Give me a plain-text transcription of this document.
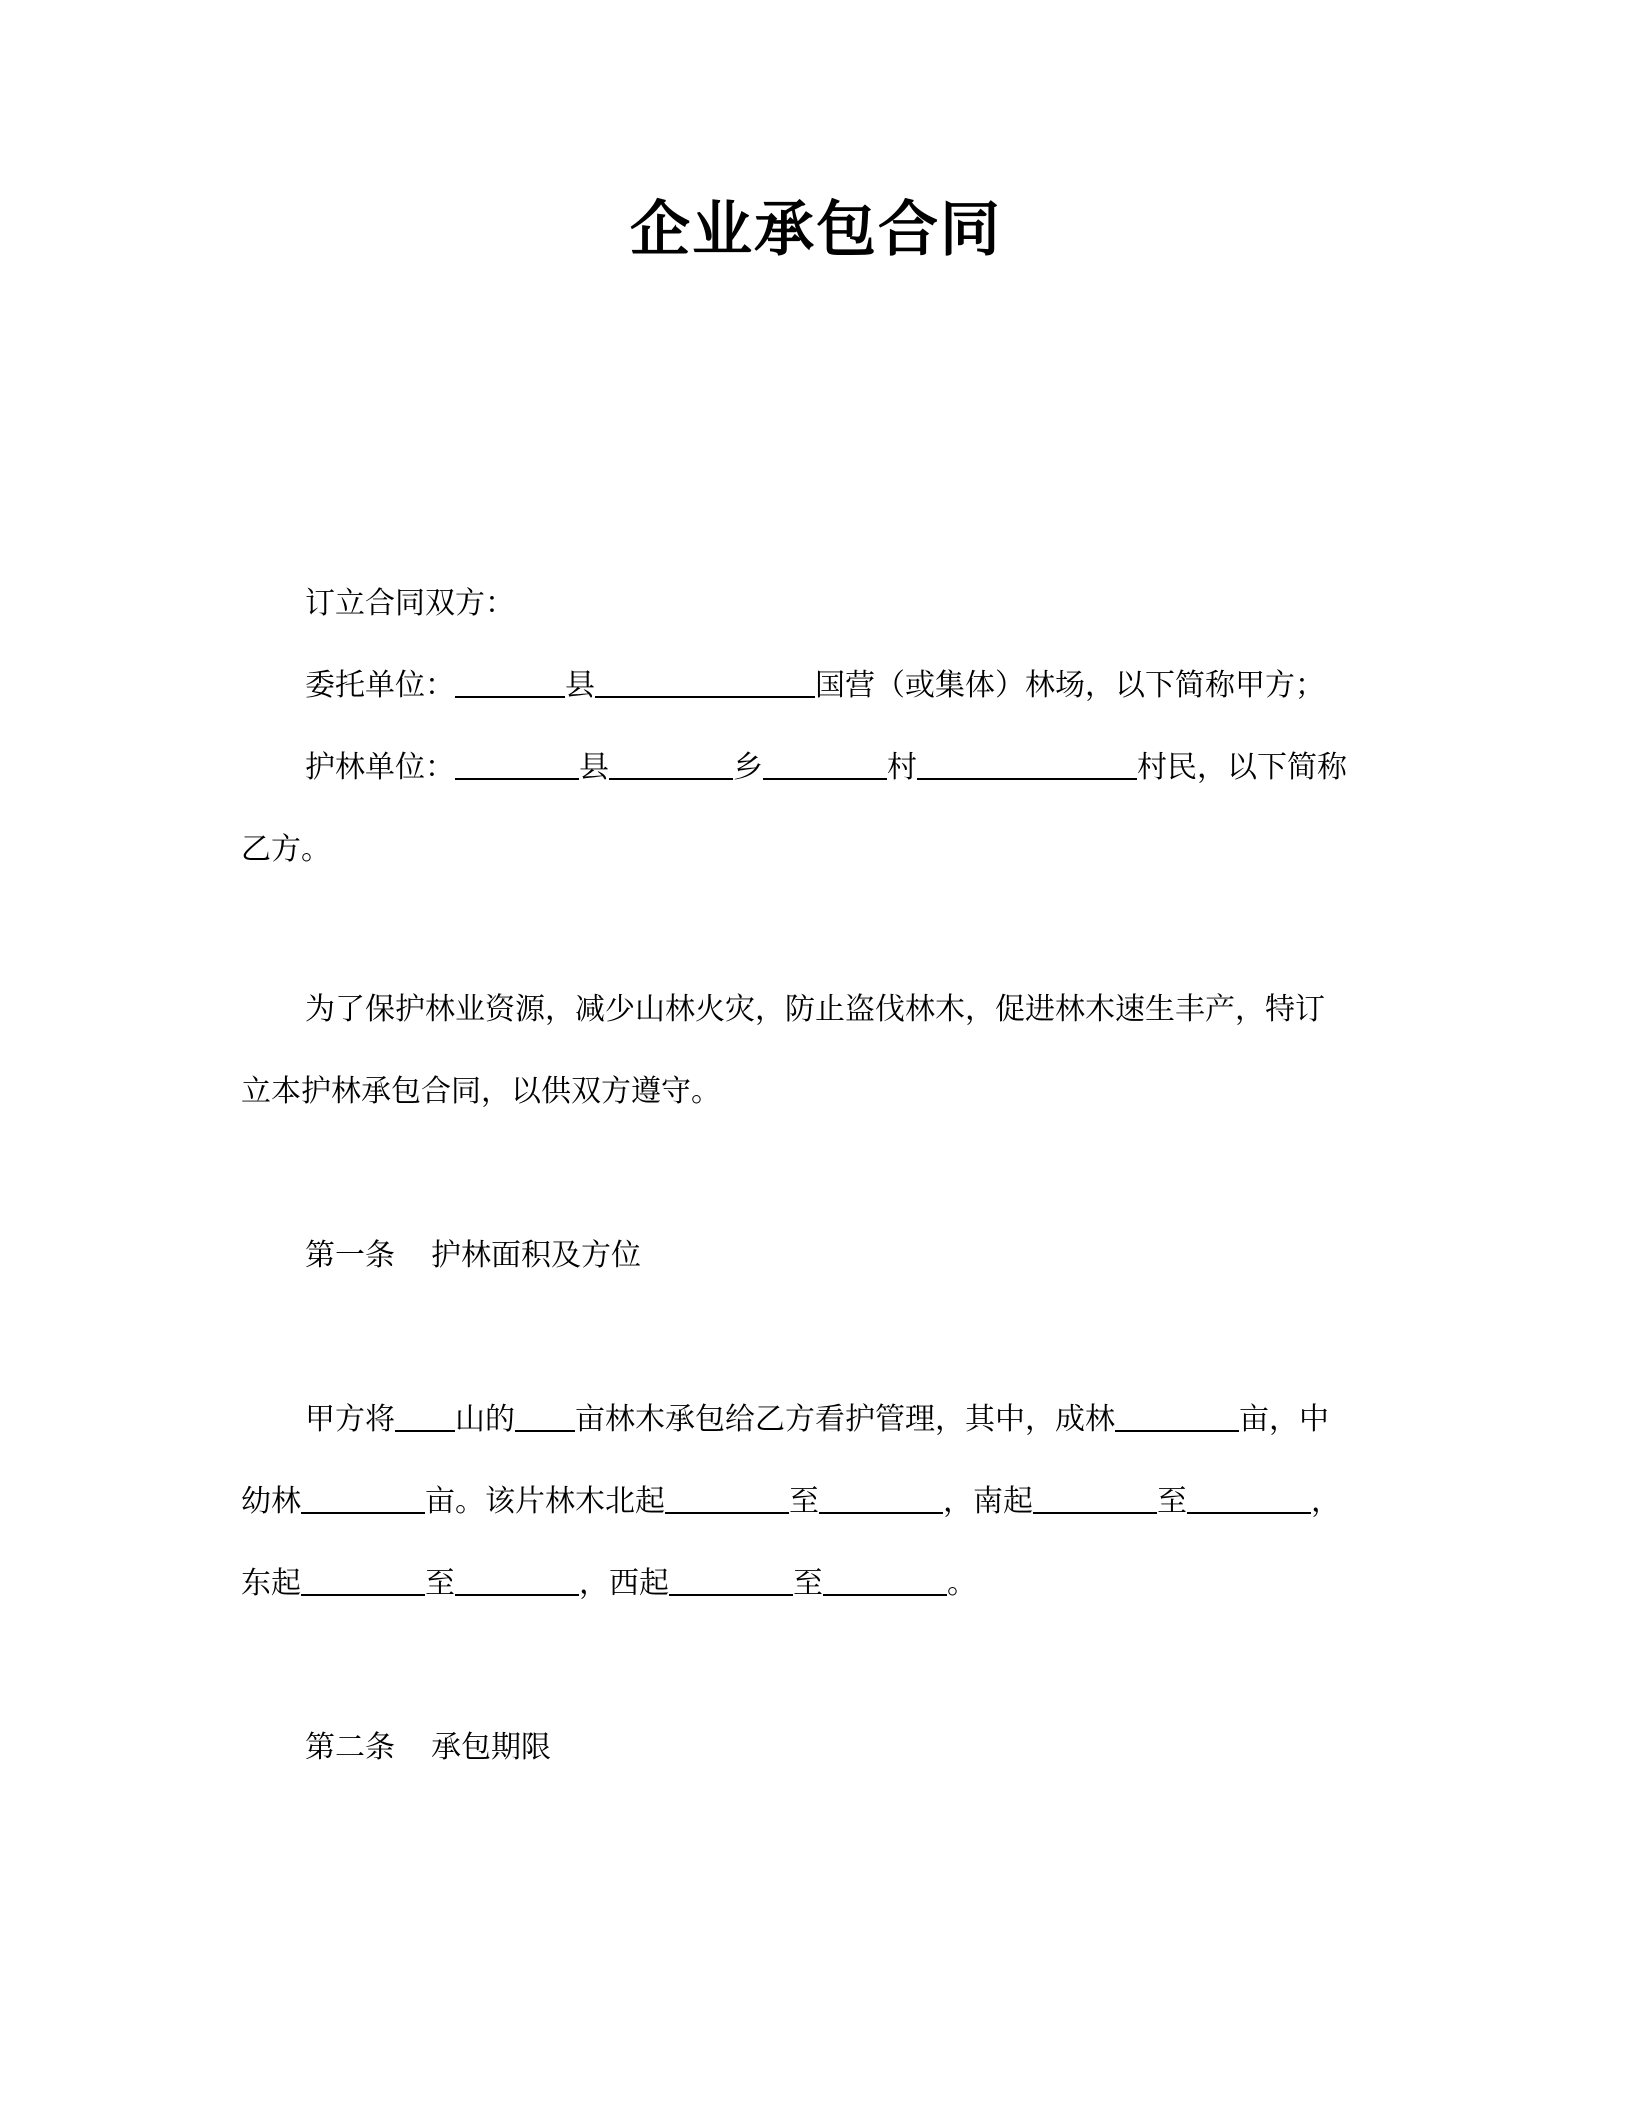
企业承包合同
订立合同双方：
委托单位：	县	国营（或集体）林场，以下简称甲方；
护林单位：	县	乡	村	村民，以下简称
乙方。
为了保护林业资源，减少山林火灾，防止盗伐林木，促进林木速生丰产，特订
立本护林承包合同，以供双方遵守。
第一条 护林面积及方位
甲方将 山的 亩林木承包给乙方看护管理，其中，成林	亩，中
幼林	亩。该片林木北起	至	，南起	至	，
东起	至	，西起	至	。
第二条 承包期限
